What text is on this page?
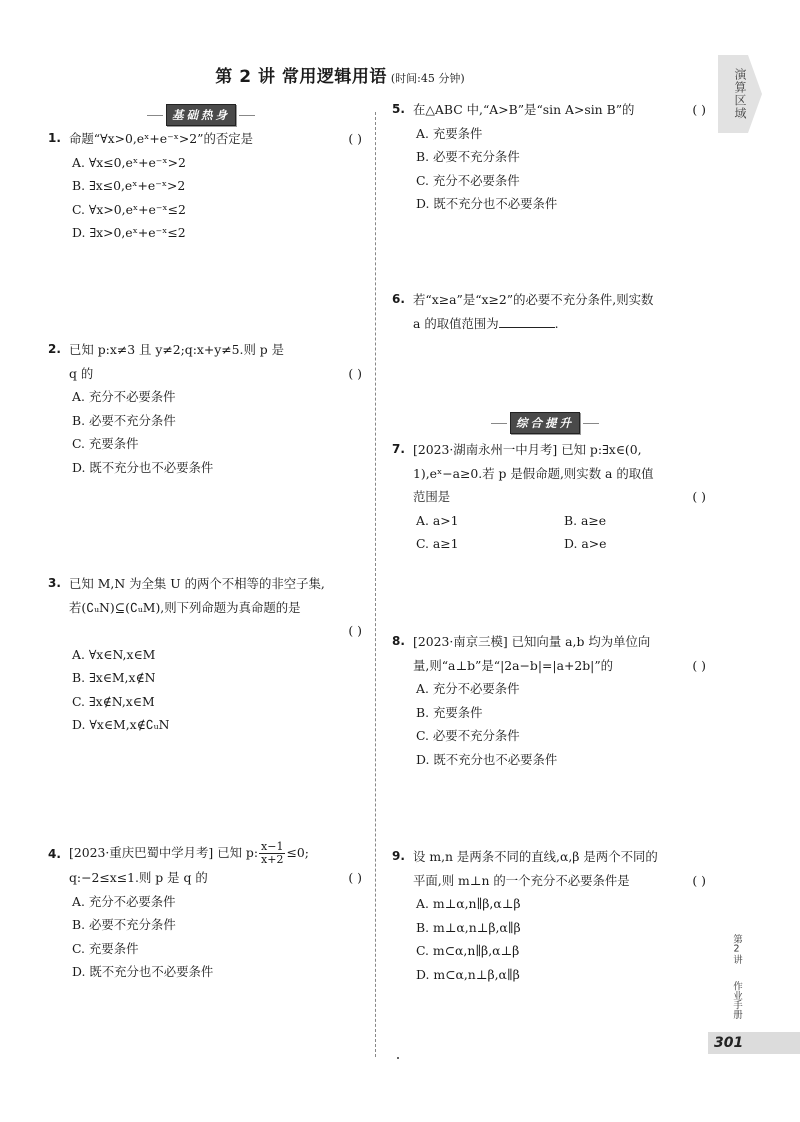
第 2 讲 常用逻辑用语 (时间:45 分钟)
基础热身
综合提升
1. 命题“∀x>0,eˣ+e⁻ˣ>2”的否定是	( )
A. ∀x≤0,eˣ+e⁻ˣ>2
B. ∃x≤0,eˣ+e⁻ˣ>2
C. ∀x>0,eˣ+e⁻ˣ≤2
D. ∃x>0,eˣ+e⁻ˣ≤2
2. 已知 p:x≠3 且 y≠2;q:x+y≠5.则 p 是
q 的	( )
A. 充分不必要条件
B. 必要不充分条件
C. 充要条件
D. 既不充分也不必要条件
3. 已知 M,N 为全集 U 的两个不相等的非空子集,
若(∁ᵤN)⊆(∁ᵤM),则下列命题为真命题的是
( )

A. ∀x∈N,x∈M
B. ∃x∈M,x∉N
C. ∃x∉N,x∈M
D. ∀x∈M,x∉∁ᵤN
4. [2023·重庆巴蜀中学月考] 已知 p: $\frac{x-1}{x+2} \le 0$;
q:−2≤x≤1.则 p 是 q 的	( )
A. 充分不必要条件
B. 必要不充分条件
C. 充要条件
D. 既不充分也不必要条件
5. 在△ABC 中,“A>B”是“sin A>sin B”的	( )
A. 充要条件
B. 必要不充分条件
C. 充分不必要条件
D. 既不充分也不必要条件
6. 若“x≥a”是“x≥2”的必要不充分条件,则实数
a 的取值范围为	.
7. [2023·湖南永州一中月考] 已知 p:∃x∈(0,
1),eˣ−a≥0.若 p 是假命题,则实数 a 的取值
范围是	( )
A. a>1	B. a≥e
C. a≥1	D. a>e
8. [2023·南京三模] 已知向量 a,b 均为单位向
量,则“a⊥b”是“|2a−b|=|a+2b|”的	( )
A. 充分不必要条件
B. 充要条件
C. 必要不充分条件
D. 既不充分也不必要条件
9. 设 m,n 是两条不同的直线,α,β 是两个不同的
平面,则 m⊥n 的一个充分不必要条件是	( )
A. m⊥α,n∥β,α⊥β
B. m⊥α,n⊥β,α∥β
C. m⊂α,n∥β,α⊥β
D. m⊂α,n⊥β,α∥β
演算区域
第2讲
作业手册
301
